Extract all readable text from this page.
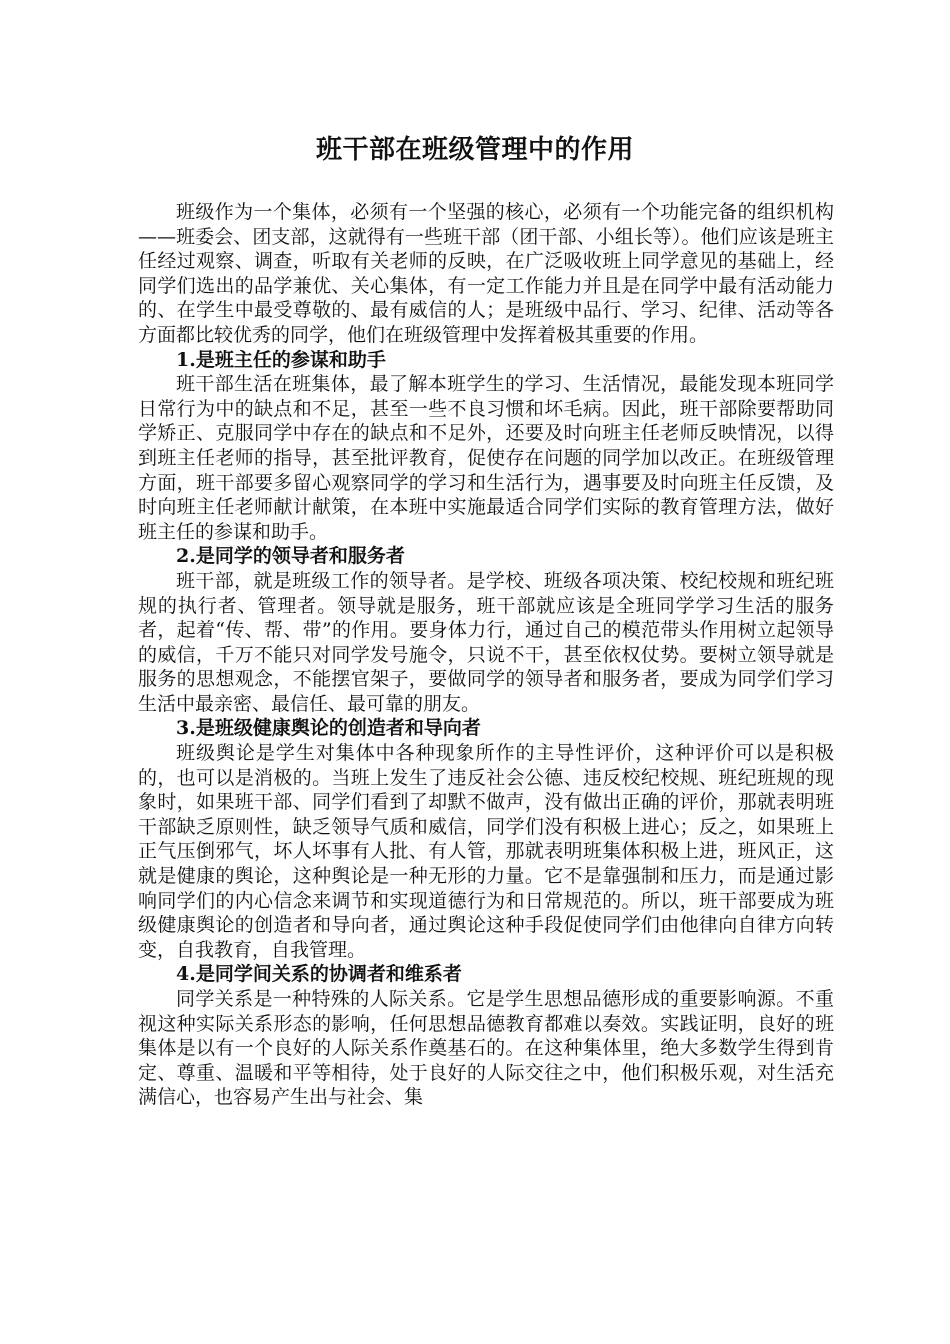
班干部在班级管理中的作用

班级作为一个集体，必须有一个坚强的核心，必须有一个功能完备的组织机构——班委会、团支部，这就得有一些班干部（团干部、小组长等）。他们应该是班主任经过观察、调查，听取有关老师的反映，在广泛吸收班上同学意见的基础上，经同学们选出的品学兼优、关心集体，有一定工作能力并且是在同学中最有活动能力的、在学生中最受尊敬的、最有威信的人；是班级中品行、学习、纪律、活动等各方面都比较优秀的同学，他们在班级管理中发挥着极其重要的作用。

1.是班主任的参谋和助手

班干部生活在班集体，最了解本班学生的学习、生活情况，最能发现本班同学日常行为中的缺点和不足，甚至一些不良习惯和坏毛病。因此，班干部除要帮助同学矫正、克服同学中存在的缺点和不足外，还要及时向班主任老师反映情况，以得到班主任老师的指导，甚至批评教育，促使存在问题的同学加以改正。在班级管理方面，班干部要多留心观察同学的学习和生活行为，遇事要及时向班主任反馈，及时向班主任老师献计献策，在本班中实施最适合同学们实际的教育管理方法，做好班主任的参谋和助手。

2.是同学的领导者和服务者

班干部，就是班级工作的领导者。是学校、班级各项决策、校纪校规和班纪班规的执行者、管理者。领导就是服务，班干部就应该是全班同学学习生活的服务者，起着“传、帮、带”的作用。要身体力行，通过自己的模范带头作用树立起领导的威信，千万不能只对同学发号施令，只说不干，甚至依权仗势。要树立领导就是服务的思想观念，不能摆官架子，要做同学的领导者和服务者，要成为同学们学习生活中最亲密、最信任、最可靠的朋友。

3.是班级健康舆论的创造者和导向者

班级舆论是学生对集体中各种现象所作的主导性评价，这种评价可以是积极的，也可以是消极的。当班上发生了违反社会公德、违反校纪校规、班纪班规的现象时，如果班干部、同学们看到了却默不做声，没有做出正确的评价，那就表明班干部缺乏原则性，缺乏领导气质和威信，同学们没有积极上进心；反之，如果班上正气压倒邪气，坏人坏事有人批、有人管，那就表明班集体积极上进，班风正，这就是健康的舆论，这种舆论是一种无形的力量。它不是靠强制和压力，而是通过影响同学们的内心信念来调节和实现道德行为和日常规范的。所以，班干部要成为班级健康舆论的创造者和导向者，通过舆论这种手段促使同学们由他律向自律方向转变，自我教育，自我管理。

4.是同学间关系的协调者和维系者

同学关系是一种特殊的人际关系。它是学生思想品德形成的重要影响源。不重视这种实际关系形态的影响，任何思想品德教育都难以奏效。实践证明，良好的班集体是以有一个良好的人际关系作奠基石的。在这种集体里，绝大多数学生得到肯定、尊重、温暖和平等相待，处于良好的人际交往之中，他们积极乐观，对生活充满信心，也容易产生出与社会、集
